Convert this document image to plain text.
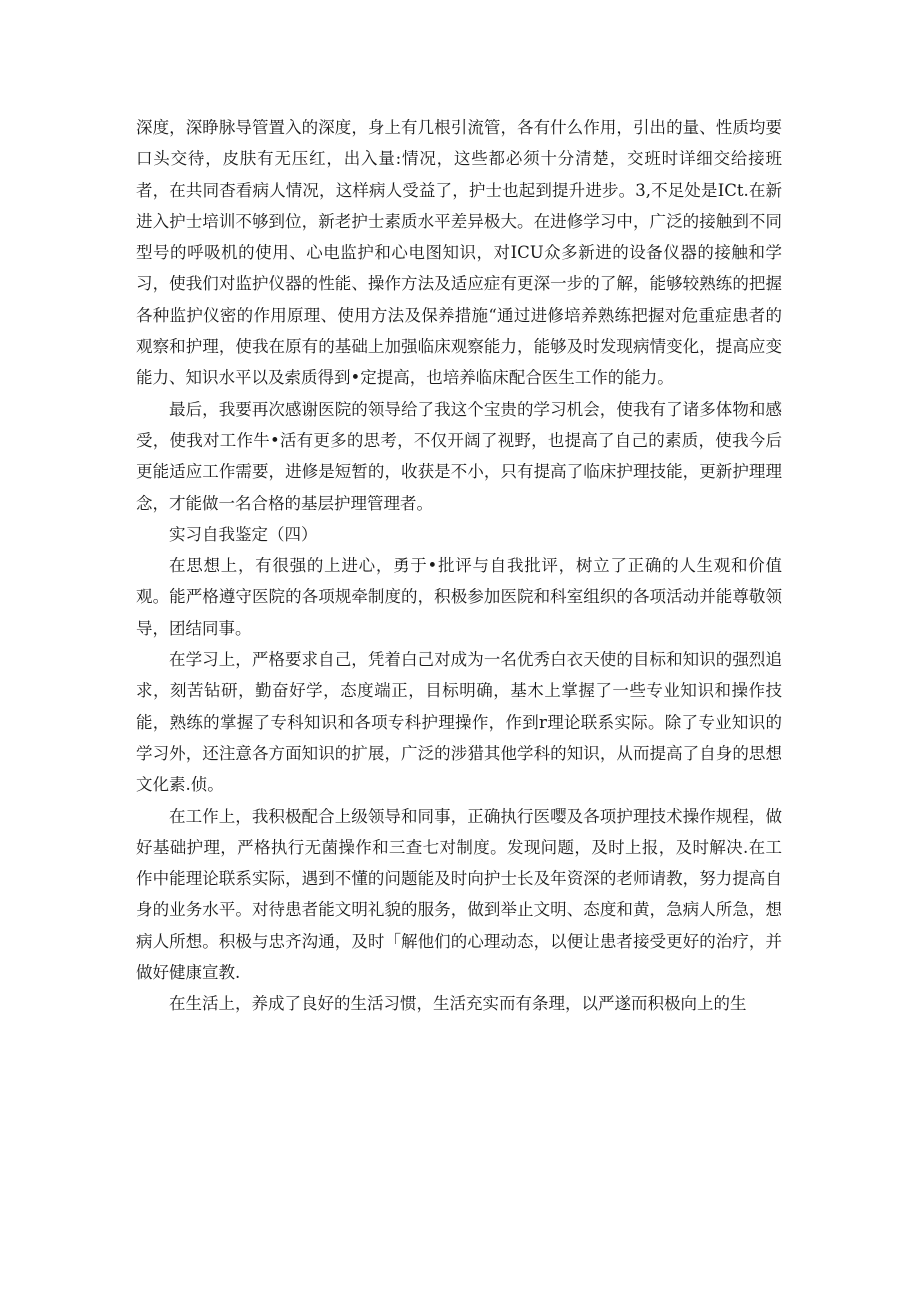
深度，深睁脉导管置入的深度，身上有几根引流管，各有什么作用，引出的量、性质均要口头交待，皮肤有无压红，出入量:情况，这些都必须十分清楚，交班时详细交给接班者，在共同杳看病人情况，这样病人受益了，护士也起到提升进步。3,不足处是ICt.在新进入护士培训不够到位，新老护士素质水平差异极大。在进修学习中，广泛的接触到不同型号的呼吸机的使用、心电监护和心电图知识，对ICU众多新进的设备仪器的接触和学习，使我们对监护仪器的性能、操作方法及适应症有更深一步的了解，能够较熟练的把握各种监护仪密的作用原理、使用方法及保养措施“通过进修培养熟练把握对危重症患者的观察和护理，使我在原有的基础上加强临床观察能力，能够及时发现病情变化，提高应变能力、知识水平以及索质得到•定提高，也培养临床配合医生工作的能力。

最后，我要再次感谢医院的领导给了我这个宝贵的学习机会，使我有了诸多体物和感受，使我对工作牛•活有更多的思考，不仅开阔了视野，也提高了自己的素质，使我今后更能适应工作需要，进修是短暂的，收获是不小，只有提高了临床护理技能，更新护理理念，才能做一名合格的基层护理管理者。

实习自我鉴定（四）

在思想上，有很强的上进心，勇于•批评与自我批评，树立了正确的人生观和价值观。能严格遵守医院的各项规牵制度的，积极参加医院和科室组织的各项活动并能尊敬领导，团结同事。

在学习上，严格要求自己，凭着白己对成为一名优秀白衣天使的目标和知识的强烈追求，刻苦钻研，勤奋好学，态度端正，目标明确，基木上掌握了一些专业知识和操作技能，熟练的掌握了专科知识和各项专科护理操作，作到r理论联系实际。除了专业知识的学习外，还注意各方面知识的扩展，广泛的涉猎其他学科的知识，从而提高了自身的思想文化素.侦。

在工作上，我积极配合上级领导和同事，正确执行医嘤及各项护理技术操作规程，做好基础护理，严格执行无菌操作和三查七对制度。发现问题，及时上报，及时解决.在工作中能理论联系实际，遇到不懂的问题能及时向护士长及年资深的老师请教，努力提高自身的业务水平。对待患者能文明礼貌的服务，做到举止文明、态度和黄，急病人所急，想病人所想。积极与忠齐沟通，及时「解他们的心理动态，以便让患者接受更好的治疗，并做好健康宣教.

在生活上，养成了良好的生活习惯，生活充实而有条理，以严遂而积极向上的生
